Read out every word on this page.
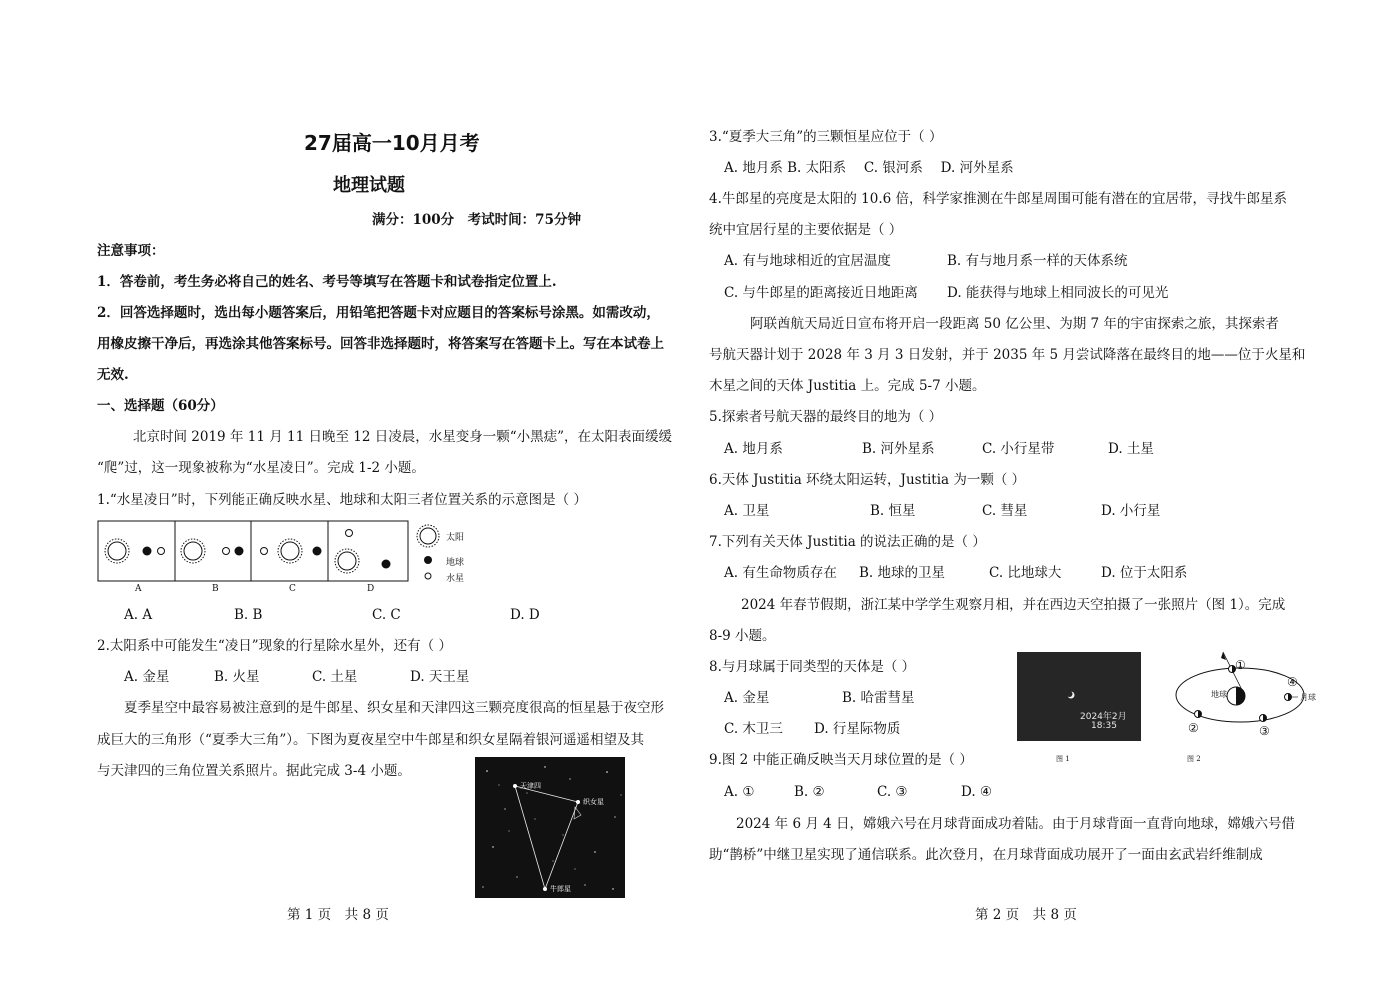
27届高一10月月考
地理试题
满分：100分　考试时间：75分钟
注意事项：
1．答卷前，考生务必将自己的姓名、考号等填写在答题卡和试卷指定位置上.
2．回答选择题时，选出每小题答案后，用铅笔把答题卡对应题目的答案标号涂黑。如需改动，
用橡皮擦干净后，再选涂其他答案标号。回答非选择题时，将答案写在答题卡上。写在本试卷上
无效.
一、选择题（60分）
北京时间 2019 年 11 月 11 日晚至 12 日凌晨，水星变身一颗“小黑痣”，在太阳表面缓缓
“爬”过，这一现象被称为“水星凌日”。完成 1-2 小题。
1.“水星凌日”时，下列能正确反映水星、地球和太阳三者位置关系的示意图是（ ）
A	B	C	D
太阳
地球
水星
A. A	B. B	C. C	D. D
2.太阳系中可能发生“凌日”现象的行星除水星外，还有（ ）
A. 金星	B. 火星	C. 土星	D. 天王星
夏季星空中最容易被注意到的是牛郎星、织女星和天津四这三颗亮度很高的恒星悬于夜空形
成巨大的三角形（“夏季大三角”）。下图为夏夜星空中牛郎星和织女星隔着银河遥遥相望及其
与天津四的三角位置关系照片。据此完成 3-4 小题。
天津四
织女星
牛郎星
第 1 页　共 8 页
3.“夏季大三角”的三颗恒星应位于（ ）
A. 地月系 B. 太阳系　 C. 银河系　 D. 河外星系
4.牛郎星的亮度是太阳的 10.6 倍，科学家推测在牛郎星周围可能有潜在的宜居带，寻找牛郎星系
统中宜居行星的主要依据是（ ）
A. 有与地球相近的宜居温度	B. 有与地月系一样的天体系统
C. 与牛郎星的距离接近日地距离 D. 能获得与地球上相同波长的可见光
阿联酋航天局近日宣布将开启一段距离 50 亿公里、为期 7 年的宇宙探索之旅，其探索者
号航天器计划于 2028 年 3 月 3 日发射，并于 2035 年 5 月尝试降落在最终目的地——位于火星和
木星之间的天体 Justitia 上。完成 5-7 小题。
5.探索者号航天器的最终目的地为（ ）
A. 地月系	B. 河外星系	C. 小行星带	D. 土星
6.天体 Justitia 环绕太阳运转，Justitia 为一颗（ ）
A. 卫星	B. 恒星	C. 彗星	D. 小行星
7.下列有关天体 Justitia 的说法正确的是（ ）
A. 有生命物质存在 B. 地球的卫星	C. 比地球大	D. 位于太阳系
2024 年春节假期，浙江某中学学生观察月相，并在西边天空拍摄了一张照片（图 1）。完成
8-9 小题。
8.与月球属于同类型的天体是（ ）
A. 金星	B. 哈雷彗星
C. 木卫三 D. 行星际物质
9.图 2 中能正确反映当天月球位置的是（ ）
A. ①	B. ②	C. ③	D. ④
2024年2月
18:35
图 1
①
②	③
④
地球	月球
图 2
2024 年 6 月 4 日，嫦娥六号在月球背面成功着陆。由于月球背面一直背向地球，嫦娥六号借
助“鹊桥”中继卫星实现了通信联系。此次登月，在月球背面成功展开了一面由玄武岩纤维制成
第 2 页　共 8 页
